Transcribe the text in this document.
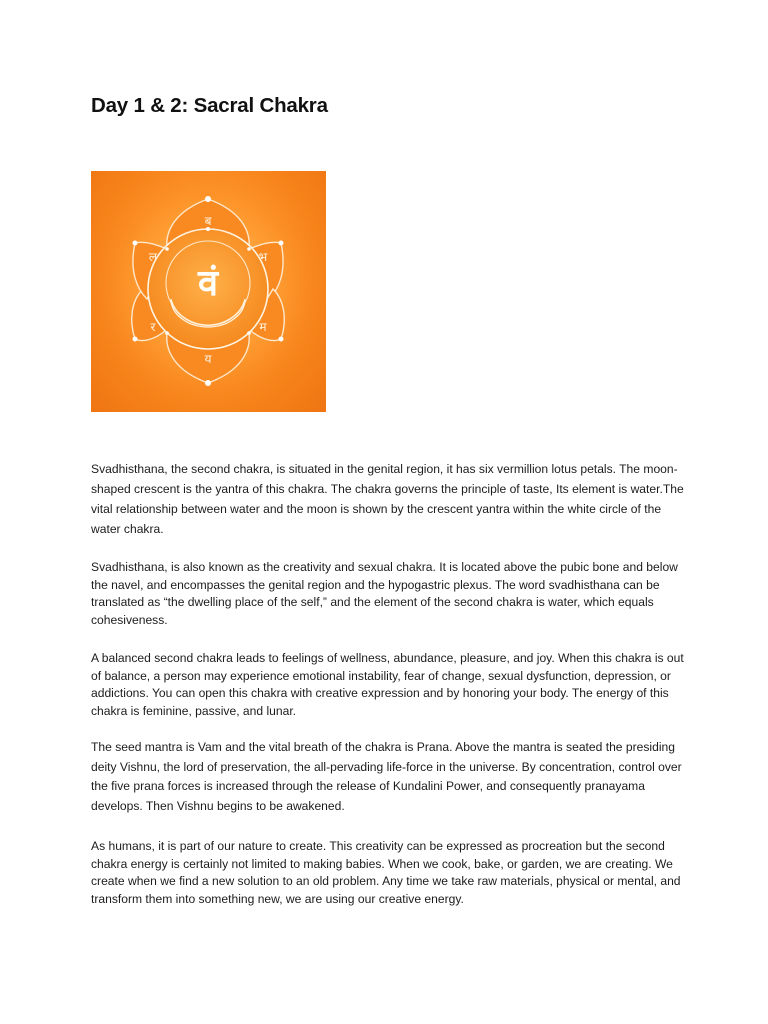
Day 1 & 2: Sacral Chakra
वं
ब
भ
म
य
र
ल

Svadhisthana, the second chakra, is situated in the genital region, it has six vermillion lotus petals. The moon-shaped crescent is the yantra of this chakra. The chakra governs the principle of taste, Its element is water.The vital relationship between water and the moon is shown by the crescent yantra within the white circle of the water chakra.

Svadhisthana, is also known as the creativity and sexual chakra. It is located above the pubic bone and below the navel, and encompasses the genital region and the hypogastric plexus. The word svadhisthana can be translated as “the dwelling place of the self,” and the element of the second chakra is water, which equals cohesiveness.

A balanced second chakra leads to feelings of wellness, abundance, pleasure, and joy. When this chakra is out of balance, a person may experience emotional instability, fear of change, sexual dysfunction, depression, or addictions. You can open this chakra with creative expression and by honoring your body. The energy of this chakra is feminine, passive, and lunar.

The seed mantra is Vam and the vital breath of the chakra is Prana. Above the mantra is seated the presiding deity Vishnu, the lord of preservation, the all-pervading life-force in the universe. By concentration, control over the five prana forces is increased through the release of Kundalini Power, and consequently pranayama develops. Then Vishnu begins to be awakened.

As humans, it is part of our nature to create. This creativity can be expressed as procreation but the second chakra energy is certainly not limited to making babies. When we cook, bake, or garden, we are creating. We create when we find a new solution to an old problem. Any time we take raw materials, physical or mental, and transform them into something new, we are using our creative energy.
